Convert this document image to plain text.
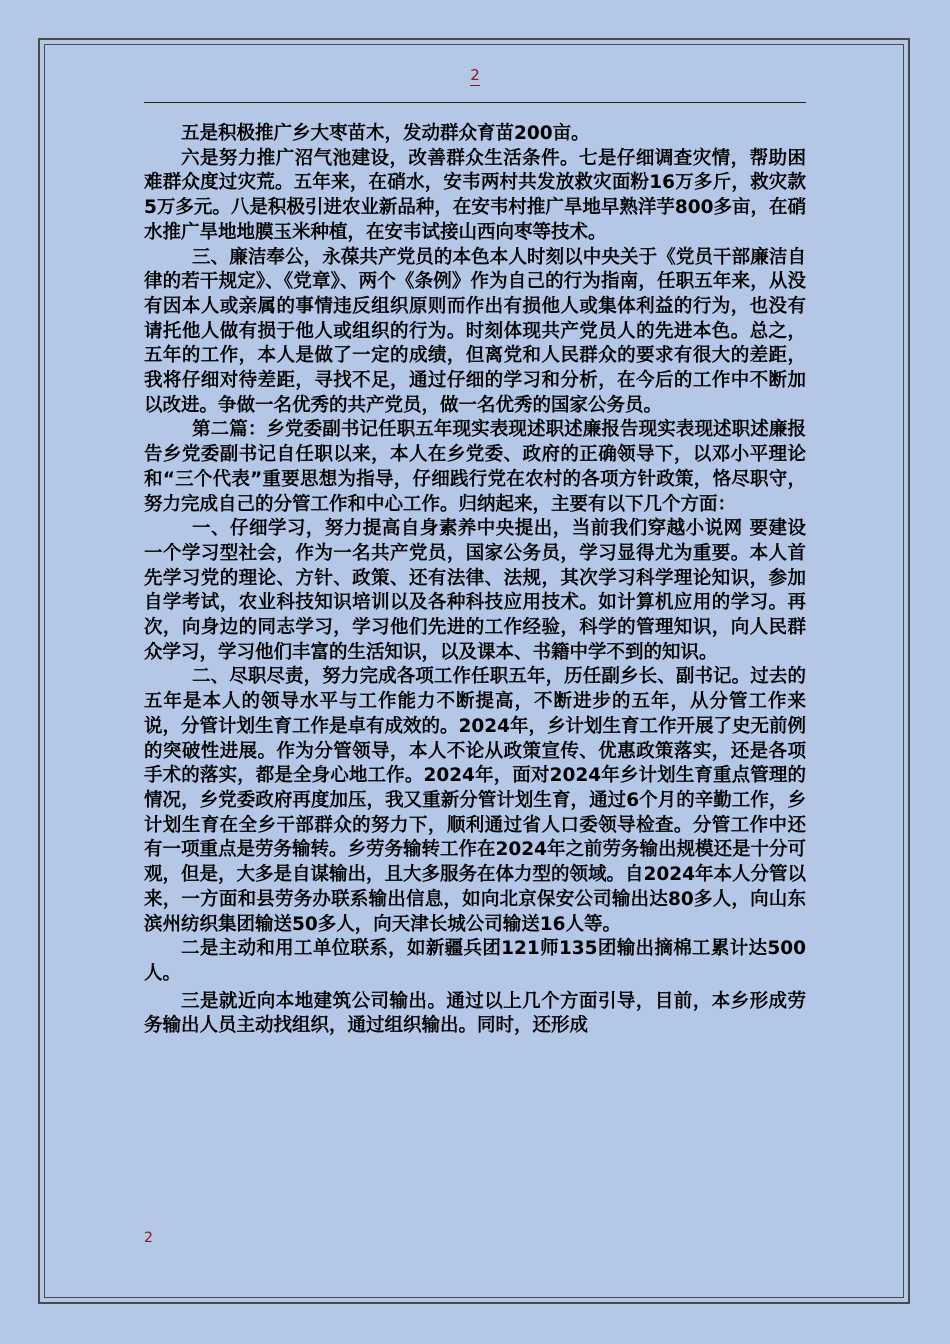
2

五是积极推广乡大枣苗木，发动群众育苗200亩。

六是努力推广沼气池建设，改善群众生活条件。七是仔细调查灾情，帮助困难群众度过灾荒。五年来，在硝水，安韦两村共发放救灾面粉16万多斤，救灾款5万多元。八是积极引进农业新品种，在安韦村推广旱地早熟洋芋800多亩，在硝水推广旱地地膜玉米种植，在安韦试接山西向枣等技术。

三、廉洁奉公，永葆共产党员的本色本人时刻以中央关于《党员干部廉洁自律的若干规定》、《党章》、两个《条例》作为自己的行为指南，任职五年来，从没有因本人或亲属的事情违反组织原则而作出有损他人或集体利益的行为，也没有请托他人做有损于他人或组织的行为。时刻体现共产党员人的先进本色。总之，五年的工作，本人是做了一定的成绩，但离党和人民群众的要求有很大的差距，我将仔细对待差距，寻找不足，通过仔细的学习和分析，在今后的工作中不断加以改进。争做一名优秀的共产党员，做一名优秀的国家公务员。

第二篇：乡党委副书记任职五年现实表现述职述廉报告现实表现述职述廉报告乡党委副书记自任职以来，本人在乡党委、政府的正确领导下，以邓小平理论和“三个代表”重要思想为指导，仔细践行党在农村的各项方针政策，恪尽职守，努力完成自己的分管工作和中心工作。归纳起来，主要有以下几个方面：

一、仔细学习，努力提高自身素养中央提出，当前我们穿越小说网 要建设一个学习型社会，作为一名共产党员，国家公务员，学习显得尤为重要。本人首先学习党的理论、方针、政策、还有法律、法规，其次学习科学理论知识，参加自学考试，农业科技知识培训以及各种科技应用技术。如计算机应用的学习。再次，向身边的同志学习，学习他们先进的工作经验，科学的管理知识，向人民群众学习，学习他们丰富的生活知识，以及课本、书籍中学不到的知识。

二、尽职尽责，努力完成各项工作任职五年，历任副乡长、副书记。过去的五年是本人的领导水平与工作能力不断提高，不断进步的五年，从分管工作来说，分管计划生育工作是卓有成效的。2024年，乡计划生育工作开展了史无前例的突破性进展。作为分管领导，本人不论从政策宣传、优惠政策落实，还是各项手术的落实，都是全身心地工作。2024年，面对2024年乡计划生育重点管理的情况，乡党委政府再度加压，我又重新分管计划生育，通过6个月的辛勤工作，乡计划生育在全乡干部群众的努力下，顺利通过省人口委领导检查。分管工作中还有一项重点是劳务输转。乡劳务输转工作在2024年之前劳务输出规模还是十分可观，但是，大多是自谋输出，且大多服务在体力型的领域。自2024年本人分管以来，一方面和县劳务办联系输出信息，如向北京保安公司输出达80多人，向山东滨州纺织集团输送50多人，向天津长城公司输送16人等。

二是主动和用工单位联系，如新疆兵团121师135团输出摘棉工累计达500人。

三是就近向本地建筑公司输出。通过以上几个方面引导，目前，本乡形成劳务输出人员主动找组织，通过组织输出。同时，还形成

2
